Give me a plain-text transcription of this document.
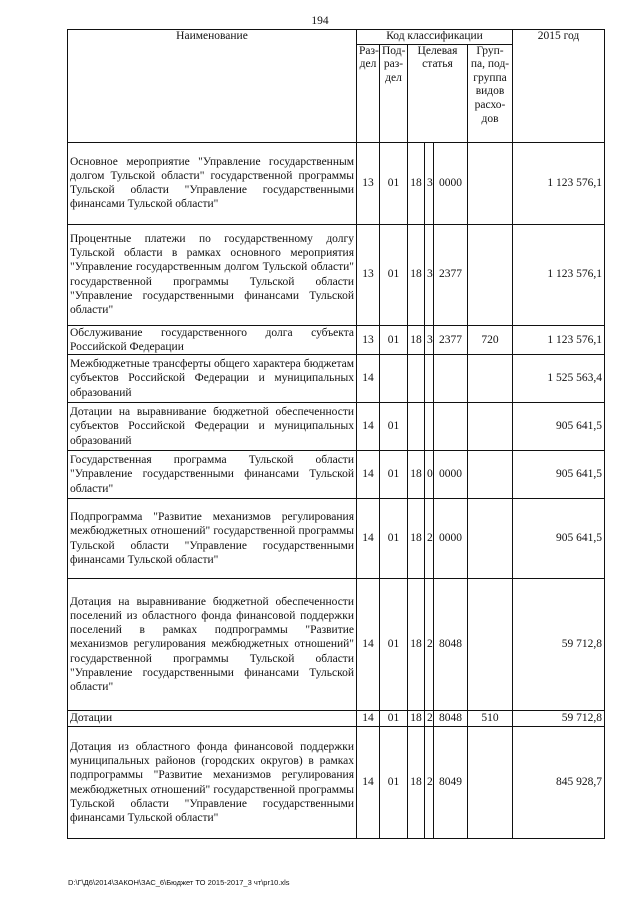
194
Наименование	Код классификации						2015 год
	Раз- дел	Под- раз- дел	Целевая статья			Груп- па, под- группа видов расхо- дов	
Основное мероприятие "Управление государственным долгом Тульской области" государственной программы Тульской области "Управление государственными финансами Тульской области"	13	01	18	3	0000		1 123 576,1
Процентные платежи по государственному долгу Тульской области в рамках основного мероприятия "Управление государственным долгом Тульской области" государственной программы Тульской области "Управление государственными финансами Тульской области"	13	01	18	3	2377		1 123 576,1
Обслуживание государственного долга субъекта Российской Федерации	13	01	18	3	2377	720	1 123 576,1
Межбюджетные трансферты общего характера бюджетам субъектов Российской Федерации и муниципальных образований	14						1 525 563,4
Дотации на выравнивание бюджетной обеспеченности субъектов Российской Федерации и муниципальных образований	14	01					905 641,5
Государственная программа Тульской области "Управление государственными финансами Тульской области"	14	01	18	0	0000		905 641,5
Подпрограмма "Развитие механизмов регулирования межбюджетных отношений" государственной программы Тульской области "Управление государственными финансами Тульской области"	14	01	18	2	0000		905 641,5
Дотация на выравнивание бюджетной обеспеченности поселений из областного фонда финансовой поддержки поселений в рамках подпрограммы "Развитие механизмов регулирования межбюджетных отношений" государственной программы Тульской области "Управление государственными финансами Тульской области"	14	01	18	2	8048		59 712,8
Дотации	14	01	18	2	8048	510	59 712,8
Дотация из областного фонда финансовой поддержки муниципальных районов (городских округов) в рамках подпрограммы "Развитие механизмов регулирования межбюджетных отношений" государственной программы Тульской области "Управление государственными финансами Тульской области"	14	01	18	2	8049		845 928,7
D:\Г\Д6\2014\ЗАКОН\ЗАС_6\Бюджет ТО 2015-2017_3 чт\pr10.xls
